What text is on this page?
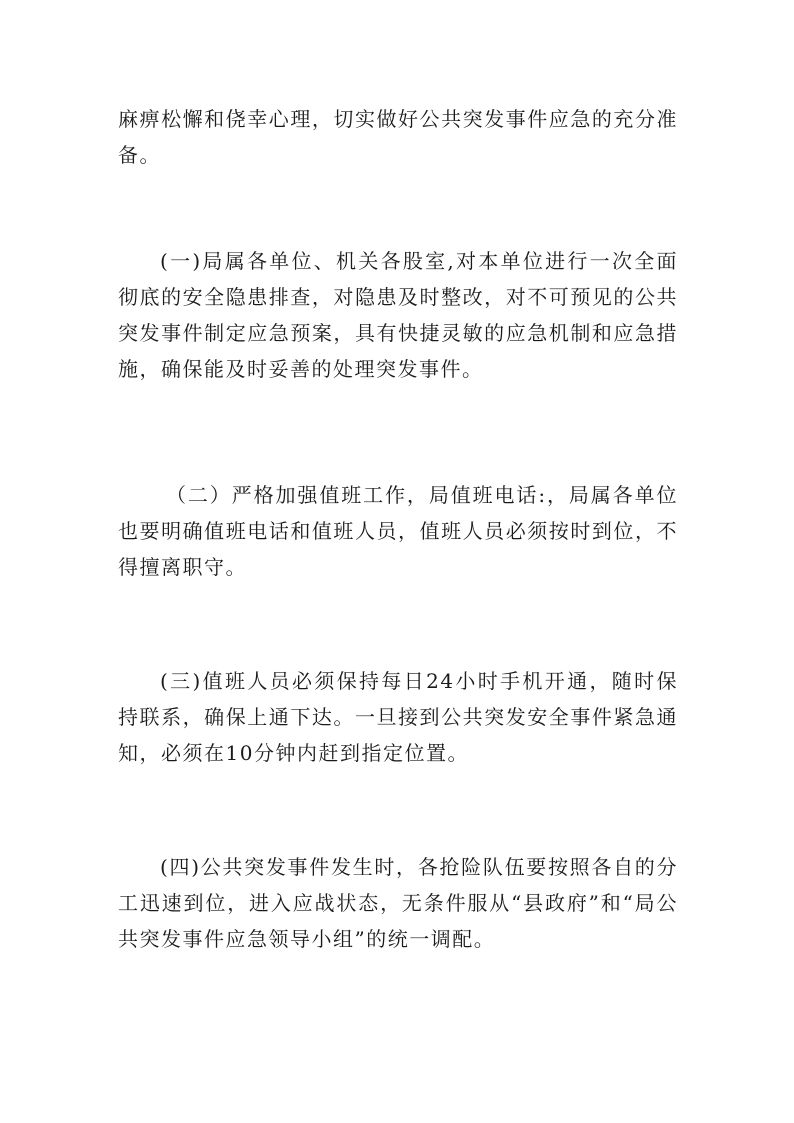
麻痹松懈和侥幸心理，切实做好公共突发事件应急的充分准备。

(一)局属各单位、机关各股室,对本单位进行一次全面彻底的安全隐患排查，对隐患及时整改，对不可预见的公共突发事件制定应急预案，具有快捷灵敏的应急机制和应急措施，确保能及时妥善的处理突发事件。

（二）严格加强值班工作，局值班电话:，局属各单位也要明确值班电话和值班人员，值班人员必须按时到位，不得擅离职守。

(三)值班人员必须保持每日24小时手机开通，随时保持联系，确保上通下达。一旦接到公共突发安全事件紧急通知，必须在10分钟内赶到指定位置。

(四)公共突发事件发生时，各抢险队伍要按照各自的分工迅速到位，进入应战状态，无条件服从“县政府”和“局公共突发事件应急领导小组”的统一调配。
